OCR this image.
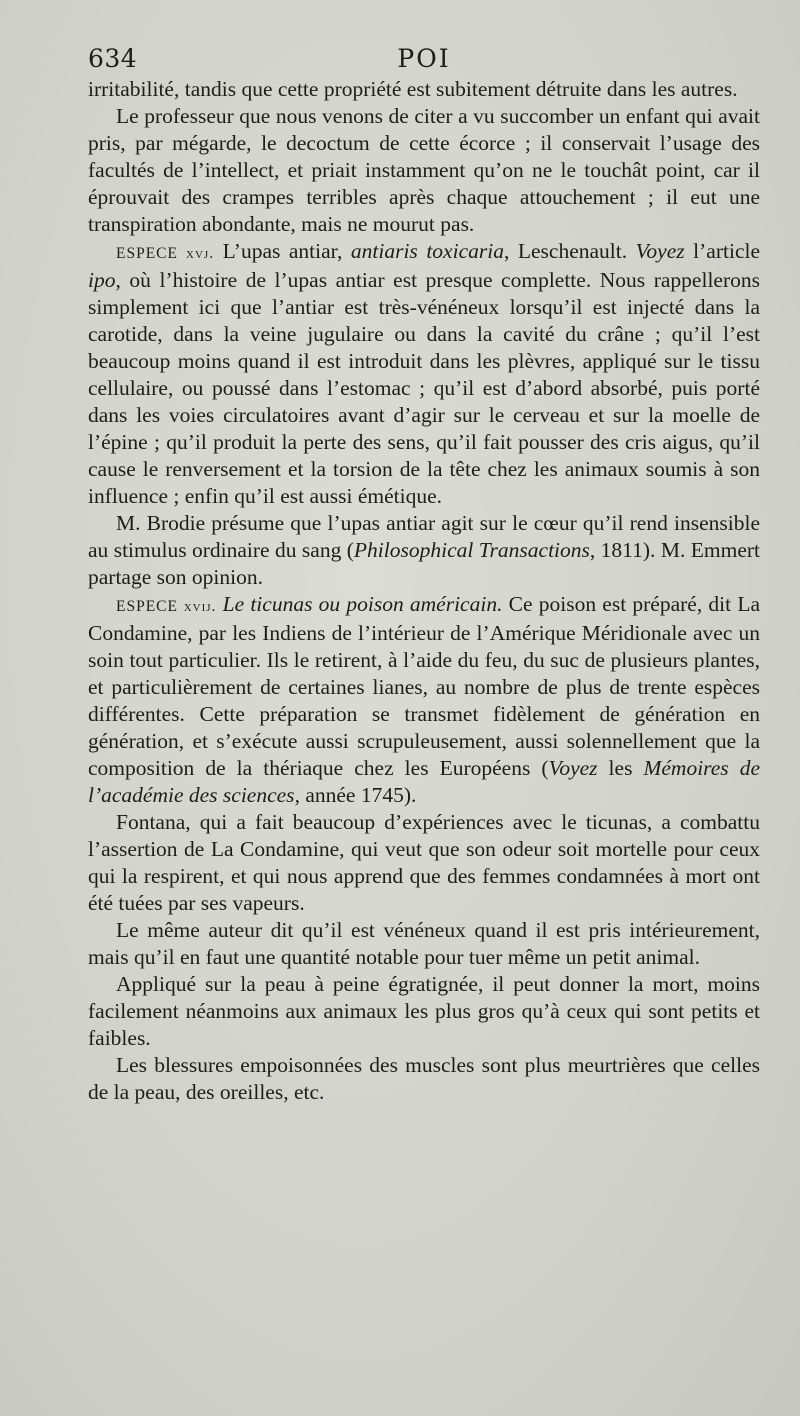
634	POI

irritabilité, tandis que cette propriété est subitement détruite dans les autres.

Le professeur que nous venons de citer a vu succomber un enfant qui avait pris, par mégarde, le decoctum de cette écorce ; il conservait l’usage des facultés de l’intellect, et priait instamment qu’on ne le touchât point, car il éprouvait des crampes terribles après chaque attouchement ; il eut une transpiration abondante, mais ne mourut pas.

ESPECE xvj. L’upas antiar, antiaris toxicaria, Leschenault. Voyez l’article ipo, où l’histoire de l’upas antiar est presque complette. Nous rappellerons simplement ici que l’antiar est très-vénéneux lorsqu’il est injecté dans la carotide, dans la veine jugulaire ou dans la cavité du crâne ; qu’il l’est beaucoup moins quand il est introduit dans les plèvres, appliqué sur le tissu cellulaire, ou poussé dans l’estomac ; qu’il est d’abord absorbé, puis porté dans les voies circulatoires avant d’agir sur le cerveau et sur la moelle de l’épine ; qu’il produit la perte des sens, qu’il fait pousser des cris aigus, qu’il cause le renversement et la torsion de la tête chez les animaux soumis à son influence ; enfin qu’il est aussi émétique.

M. Brodie présume que l’upas antiar agit sur le cœur qu’il rend insensible au stimulus ordinaire du sang (Philosophical Transactions, 1811). M. Emmert partage son opinion.

ESPECE xvij. Le ticunas ou poison américain. Ce poison est préparé, dit La Condamine, par les Indiens de l’intérieur de l’Amérique Méridionale avec un soin tout particulier. Ils le retirent, à l’aide du feu, du suc de plusieurs plantes, et particulièrement de certaines lianes, au nombre de plus de trente espèces différentes. Cette préparation se transmet fidèlement de génération en génération, et s’exécute aussi scrupuleusement, aussi solennellement que la composition de la thériaque chez les Européens (Voyez les Mémoires de l’académie des sciences, année 1745).

Fontana, qui a fait beaucoup d’expériences avec le ticunas, a combattu l’assertion de La Condamine, qui veut que son odeur soit mortelle pour ceux qui la respirent, et qui nous apprend que des femmes condamnées à mort ont été tuées par ses vapeurs.

Le même auteur dit qu’il est vénéneux quand il est pris intérieurement, mais qu’il en faut une quantité notable pour tuer même un petit animal.

Appliqué sur la peau à peine égratignée, il peut donner la mort, moins facilement néanmoins aux animaux les plus gros qu’à ceux qui sont petits et faibles.

Les blessures empoisonnées des muscles sont plus meurtrières que celles de la peau, des oreilles, etc.
